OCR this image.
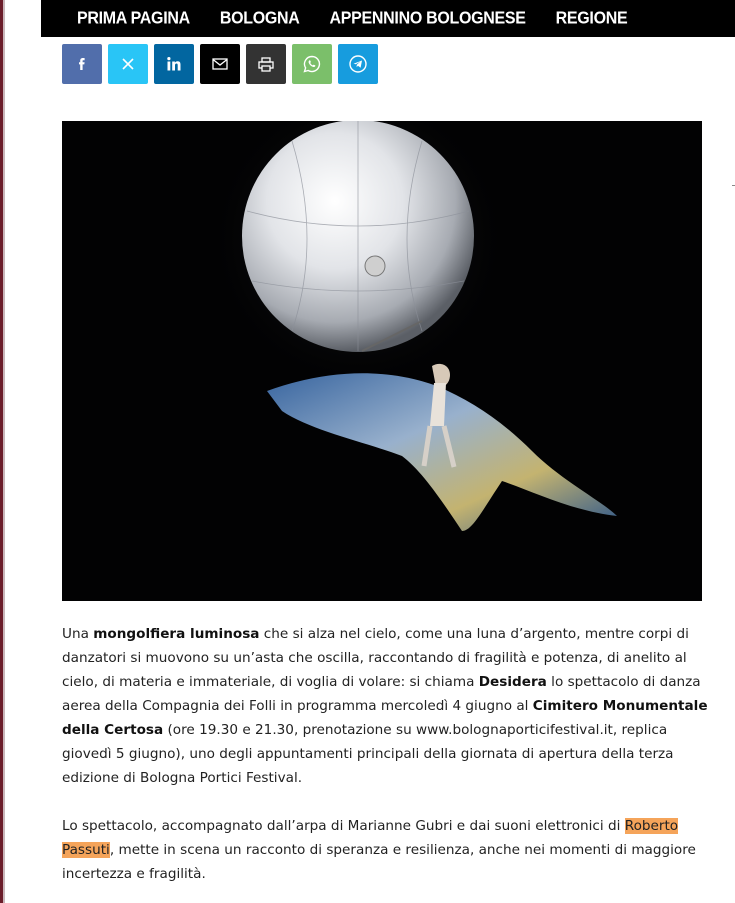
PRIMA PAGINA BOLOGNA APPENNINO BOLOGNESE REGIONE

Una mongolfiera luminosa che si alza nel cielo, come una luna d’argento, mentre corpi di danzatori si muovono su un’asta che oscilla, raccontando di fragilità e potenza, di anelito al cielo, di materia e immateriale, di voglia di volare: si chiama Desidera lo spettacolo di danza aerea della Compagnia dei Folli in programma mercoledì 4 giugno al Cimitero Monumentale della Certosa (ore 19.30 e 21.30, prenotazione su www.bolognaporticifestival.it, replica giovedì 5 giugno), uno degli appuntamenti principali della giornata di apertura della terza edizione di Bologna Portici Festival.

Lo spettacolo, accompagnato dall’arpa di Marianne Gubri e dai suoni elettronici di Roberto Passuti, mette in scena un racconto di speranza e resilienza, anche nei momenti di maggiore incertezza e fragilità.
